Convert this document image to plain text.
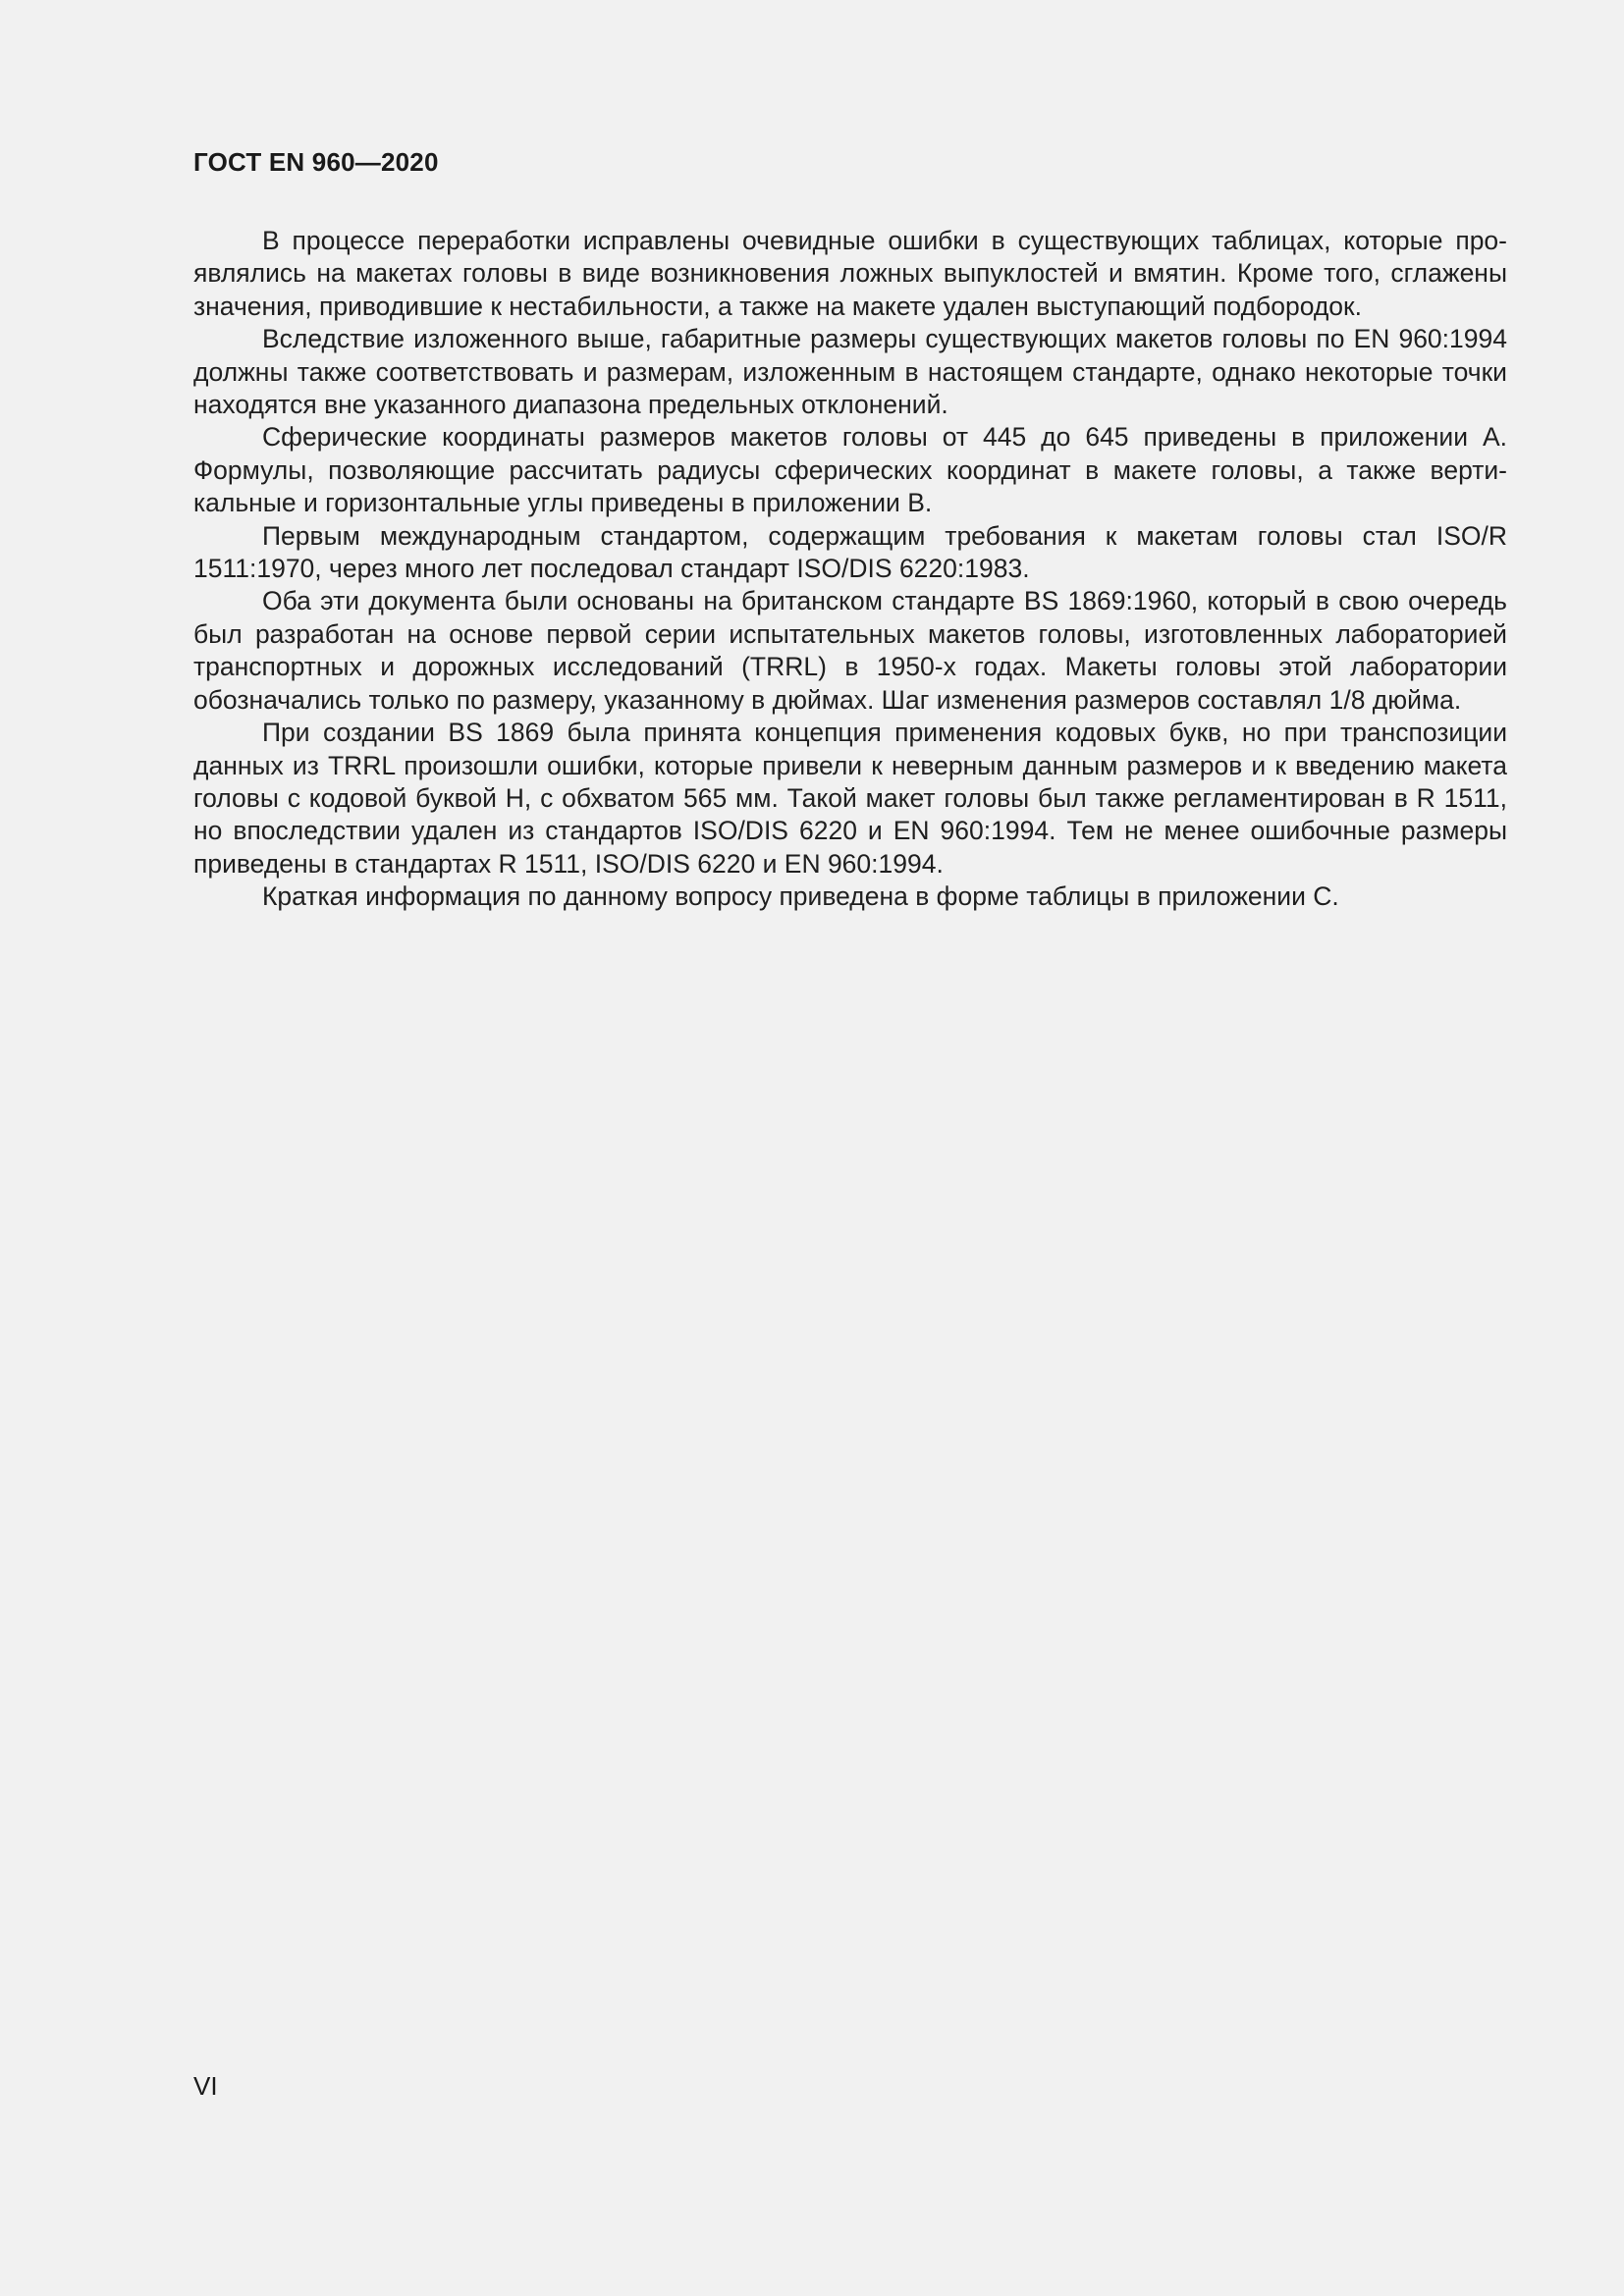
ГОСТ EN 960—2020

В процессе переработки исправлены очевидные ошибки в существующих таблицах, которые проявлялись на макетах головы в виде возникновения ложных выпуклостей и вмятин. Кроме того, сглажены значения, приводившие к нестабильности, а также на макете удален выступающий подбородок.

Вследствие изложенного выше, габаритные размеры существующих макетов головы по EN 960:1994 должны также соответствовать и размерам, изложенным в настоящем стандарте, однако некоторые точки находятся вне указанного диапазона предельных отклонений.

Сферические координаты размеров макетов головы от 445 до 645 приведены в приложении А. Формулы, позволяющие рассчитать радиусы сферических координат в макете головы, а также вертикальные и горизонтальные углы приведены в приложении В.

Первым международным стандартом, содержащим требования к макетам головы стал ISO/R 1511:1970, через много лет последовал стандарт ISO/DIS 6220:1983.

Оба эти документа были основаны на британском стандарте BS 1869:1960, который в свою очередь был разработан на основе первой серии испытательных макетов головы, изготовленных лабораторией транспортных и дорожных исследований (TRRL) в 1950-х годах. Макеты головы этой лаборатории обозначались только по размеру, указанному в дюймах. Шаг изменения размеров составлял 1/8 дюйма.

При создании BS 1869 была принята концепция применения кодовых букв, но при транспозиции данных из TRRL произошли ошибки, которые привели к неверным данным размеров и к введению макета головы с кодовой буквой Н, с обхватом 565 мм. Такой макет головы был также регламентирован в R 1511, но впоследствии удален из стандартов ISO/DIS 6220 и EN 960:1994. Тем не менее ошибочные размеры приведены в стандартах R 1511, ISO/DIS 6220 и EN 960:1994.

Краткая информация по данному вопросу приведена в форме таблицы в приложении С.

VI
